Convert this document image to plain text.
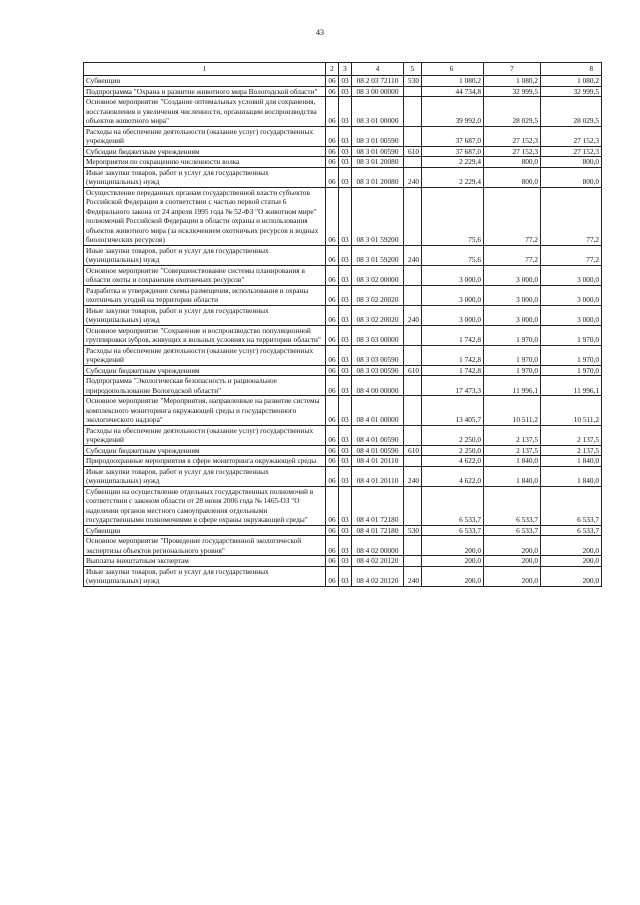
43
1	2	3	4	5	6	7	8
Субвенции	06	03	08 2 03 72110	530	1 080,2	1 080,2	1 080,2
Подпрограмма "Охрана и развитие животного мира Вологодской области"	06	03	08 3 00 00000		44 734,8	32 999,5	32 999,5
Основное мероприятие "Создание оптимальных условий для сохранения, восстановления и увеличения численности, организации воспроизводства объектов животного мира"	06	03	08 3 01 00000		39 992,0	28 029,5	28 029,5
Расходы на обеспечение деятельности (оказание услуг) государственных учреждений	06	03	08 3 01 00590		37 687,0	27 152,3	27 152,3
Субсидии бюджетным учреждениям	06	03	08 3 01 00590	610	37 687,0	27 152,3	27 152,3
Мероприятия по сокращению численности волка	06	03	08 3 01 20080		2 229,4	800,0	800,0
Иные закупки товаров, работ и услуг для государственных (муниципальных) нужд	06	03	08 3 01 20080	240	2 229,4	800,0	800,0
Осуществление переданных органам государственной власти субъектов Российской Федерации в соответствии с частью первой статьи 6 Федерального закона от 24 апреля 1995 года № 52-ФЗ "О животном мире" полномочий Российской Федерации в области охраны и использования объектов животного мира (за исключением охотничьих ресурсов и водных биологических ресурсов)	06	03	08 3 01 59200		75,6	77,2	77,2
Иные закупки товаров, работ и услуг для государственных (муниципальных) нужд	06	03	08 3 01 59200	240	75,6	77,2	77,2
Основное мероприятие "Совершенствование системы планирования в области охоты и сохранения охотничьих ресурсов"	06	03	08 3 02 00000		3 000,0	3 000,0	3 000,0
Разработка и утверждение схемы размещения, использования и охраны охотничьих угодий на территории области	06	03	08 3 02 20020		3 000,0	3 000,0	3 000,0
Иные закупки товаров, работ и услуг для государственных (муниципальных) нужд	06	03	08 3 02 20020	240	3 000,0	3 000,0	3 000,0
Основное мероприятие "Сохранение и воспроизводство популяционной группировки зубров, живущих в вольных условиях на территории области"	06	03	08 3 03 00000		1 742,8	1 970,0	1 970,0
Расходы на обеспечение деятельности (оказание услуг) государственных учреждений	06	03	08 3 03 00590		1 742,8	1 970,0	1 970,0
Субсидии бюджетным учреждениям	06	03	08 3 03 00590	610	1 742,8	1 970,0	1 970,0
Подпрограмма "Экологическая безопасность и рациональное природопользование Вологодской области"	06	03	08 4 00 00000		17 473,3	11 996,1	11 996,1
Основное мероприятие "Мероприятия, направленные на развитие системы комплексного мониторинга окружающей среды и государственного экологического надзора"	06	03	08 4 01 00000		13 405,7	10 511,2	10 511,2
Расходы на обеспечение деятельности (оказание услуг) государственных учреждений	06	03	08 4 01 00590		2 250,0	2 137,5	2 137,5
Субсидии бюджетным учреждениям	06	03	08 4 01 00590	610	2 250,0	2 137,5	2 137,5
Природоохранные мероприятия в сфере мониторинга окружающей среды	06	03	08 4 01 20110		4 622,0	1 840,0	1 840,0
Иные закупки товаров, работ и услуг для государственных (муниципальных) нужд	06	03	08 4 01 20110	240	4 622,0	1 840,0	1 840,0
Субвенции на осуществление отдельных государственных полномочий в соответствии с законом области от 28 июня 2006 года № 1465-ОЗ "О наделении органов местного самоуправления отдельными государственными полномочиями в сфере охраны окружающей среды"	06	03	08 4 01 72180		6 533,7	6 533,7	6 533,7
Субвенции	06	03	08 4 01 72180	530	6 533,7	6 533,7	6 533,7
Основное мероприятие "Проведение государственной экологической экспертизы объектов регионального уровня"	06	03	08 4 02 00000		200,0	200,0	200,0
Выплаты внештатным экспертам	06	03	08 4 02 20120		200,0	200,0	200,0
Иные закупки товаров, работ и услуг для государственных (муниципальных) нужд	06	03	08 4 02 20120	240	200,0	200,0	200,0
